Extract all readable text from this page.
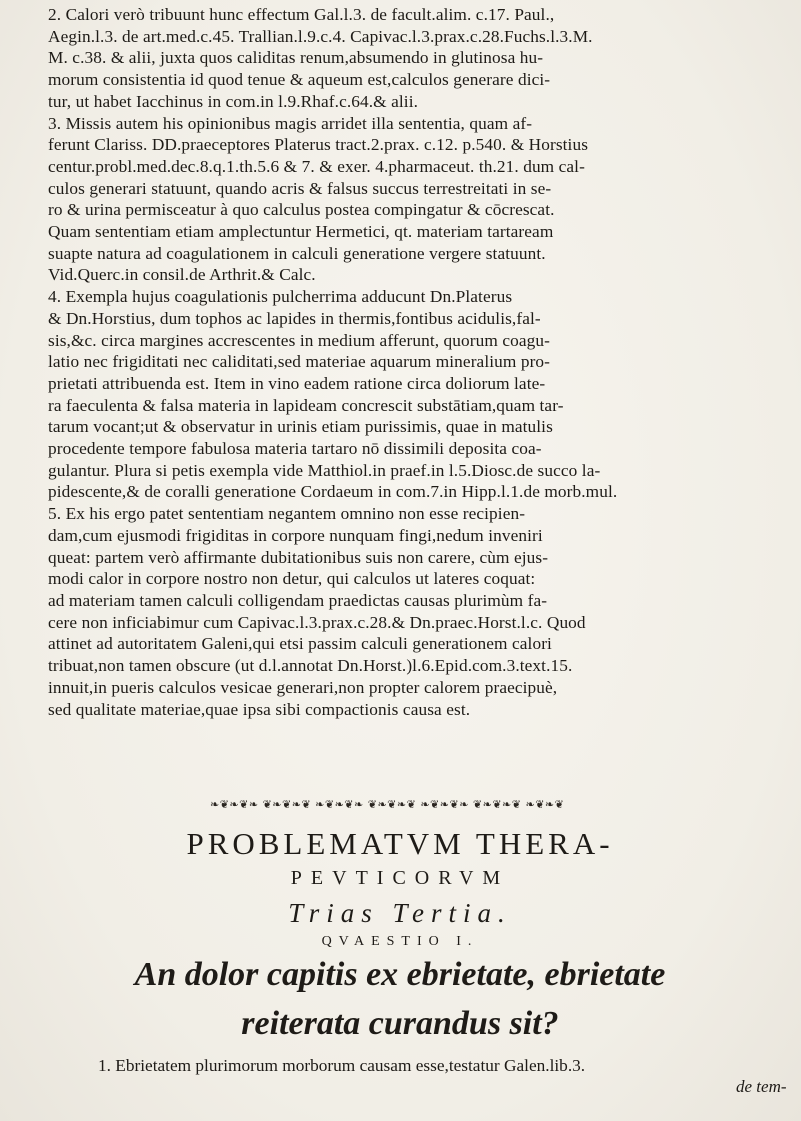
2. Calori verò tribuunt hunc effectum Gal.l.3. de facult.alim. c.17. Paul.,
Aegin.l.3. de art.med.c.45. Trallian.l.9.c.4. Capivac.l.3.prax.c.28.Fuchs.l.3.M.
M. c.38. & alii, juxta quos caliditas renum,absumendo in glutinosa hu-
morum consistentia id quod tenue & aqueum est,calculos generare dici-
tur, ut habet Iacchinus in com.in l.9.Rhaf.c.64.& alii.
3. Missis autem his opinionibus magis arridet illa sententia, quam af-
ferunt Clariss. DD.praeceptores Platerus tract.2.prax. c.12. p.540. & Horstius
centur.probl.med.dec.8.q.1.th.5.6 & 7. & exer. 4.pharmaceut. th.21. dum cal-
culos generari statuunt, quando acris & falsus succus terrestreitati in se-
ro & urina permisceatur à quo calculus postea compingatur & cōcrescat.
Quam sententiam etiam amplectuntur Hermetici, qt. materiam tartaream
suapte natura ad coagulationem in calculi generatione vergere statuunt.
Vid.Querc.in consil.de Arthrit.& Calc.
4. Exempla hujus coagulationis pulcherrima adducunt Dn.Platerus
& Dn.Horstius, dum tophos ac lapides in thermis,fontibus acidulis,fal-
sis,&c. circa margines accrescentes in medium afferunt, quorum coagu-
latio nec frigiditati nec caliditati,sed materiae aquarum mineralium pro-
prietati attribuenda est. Item in vino eadem ratione circa doliorum late-
ra faeculenta & falsa materia in lapideam concrescit substātiam,quam tar-
tarum vocant;ut & observatur in urinis etiam purissimis, quae in matulis
procedente tempore fabulosa materia tartaro nō dissimili deposita coa-
gulantur. Plura si petis exempla vide Matthiol.in praef.in l.5.Diosc.de succo la-
pidescente,& de coralli generatione Cordaeum in com.7.in Hipp.l.1.de morb.mul.
5. Ex his ergo patet sententiam negantem omnino non esse recipien-
dam,cum ejusmodi frigiditas in corpore nunquam fingi,nedum inveniri
queat: partem verò affirmante dubitationibus suis non carere, cùm ejus-
modi calor in corpore nostro non detur, qui calculos ut lateres coquat:
ad materiam tamen calculi colligendam praedictas causas plurimùm fa-
cere non inficiabimur cum Capivac.l.3.prax.c.28.& Dn.praec.Horst.l.c. Quod
attinet ad autoritatem Galeni,qui etsi passim calculi generationem calori
tribuat,non tamen obscure (ut d.l.annotat Dn.Horst.)l.6.Epid.com.3.text.15.
innuit,in pueris calculos vesicae generari,non propter calorem praecipuè,
sed qualitate materiae,quae ipsa sibi compactionis causa est.
❧❦❧❦❧ ❦❧❦❧❦ ❧❦❧❦❧ ❦❧❦❧❦ ❧❦❧❦❧ ❦❧❦❧❦ ❧❦❧❦
PROBLEMATVM THERA-
PEVTICORVM
Trias Tertia.
QVAESTIO I.
An dolor capitis ex ebrietate, ebrietate
reiterata curandus sit?
1. Ebrietatem plurimorum morborum causam esse,testatur Galen.lib.3.
de tem-
